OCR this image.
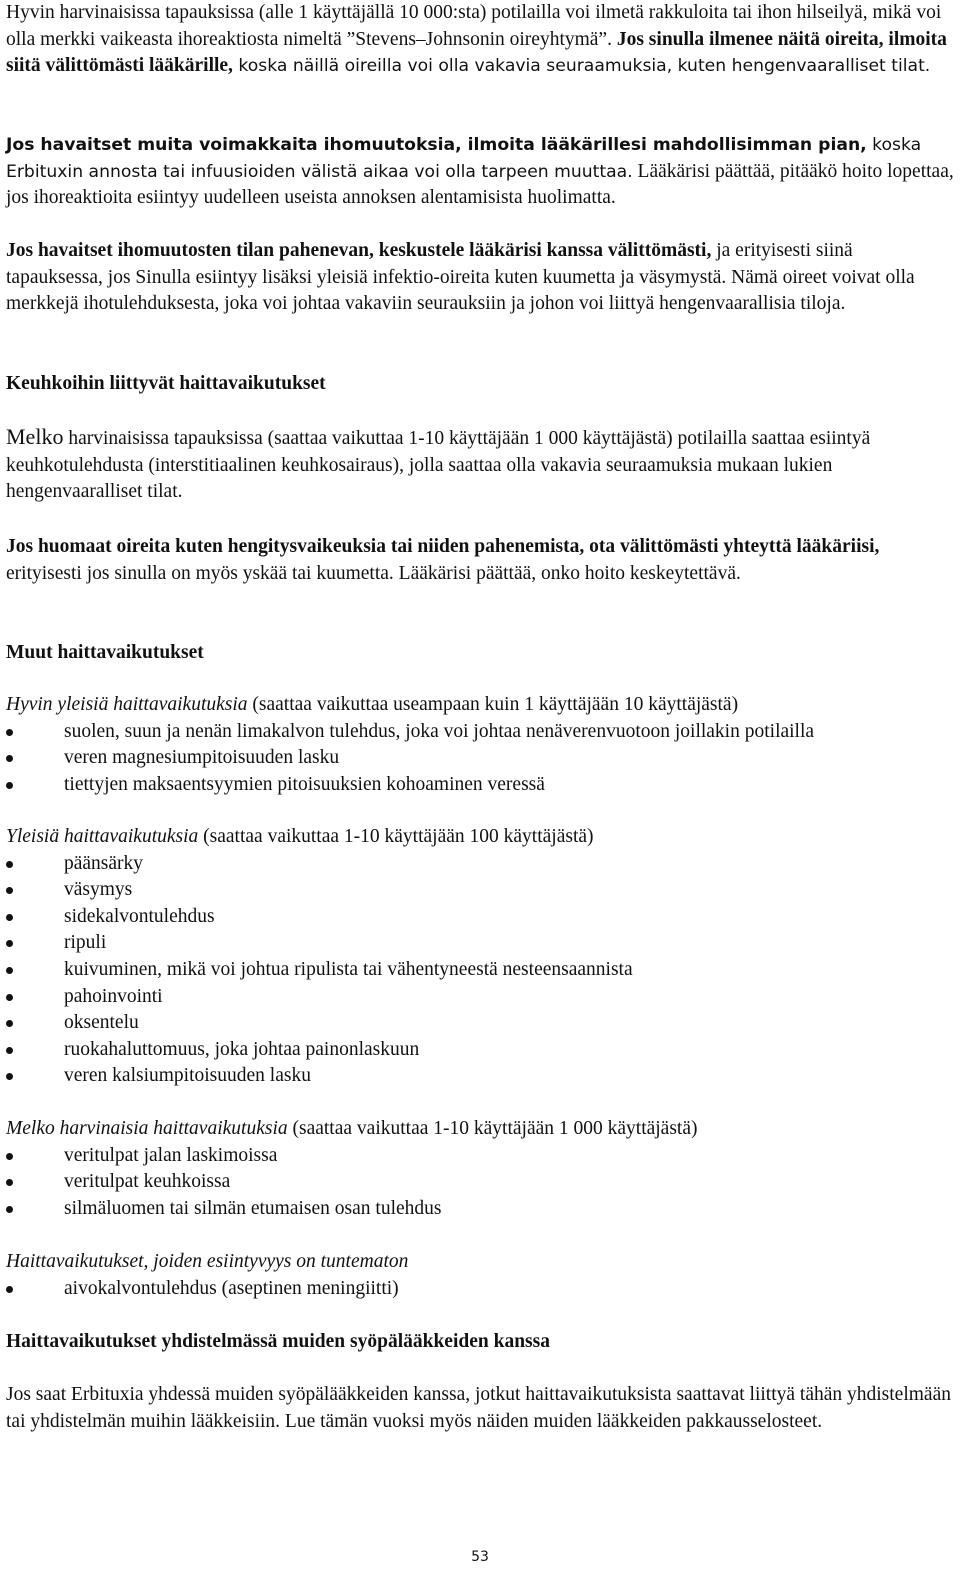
Hyvin harvinaisissa tapauksissa (alle 1 käyttäjällä 10 000:sta) potilailla voi ilmetä rakkuloita tai ihon hilseilyä, mikä voi olla merkki vaikeasta ihoreaktiosta nimeltä ”Stevens–Johnsonin oireyhtymä”. Jos sinulla ilmenee näitä oireita, ilmoita siitä välittömästi lääkärille, koska näillä oireilla voi olla vakavia seuraamuksia, kuten hengenvaaralliset tilat.

Jos havaitset muita voimakkaita ihomuutoksia, ilmoita lääkärillesi mahdollisimman pian, koska Erbituxin annosta tai infuusioiden välistä aikaa voi olla tarpeen muuttaa. Lääkärisi päättää, pitääkö hoito lopettaa, jos ihoreaktioita esiintyy uudelleen useista annoksen alentamisista huolimatta.

Jos havaitset ihomuutosten tilan pahenevan, keskustele lääkärisi kanssa välittömästi, ja erityisesti siinä tapauksessa, jos Sinulla esiintyy lisäksi yleisiä infektio-oireita kuten kuumetta ja väsymystä. Nämä oireet voivat olla merkkejä ihotulehduksesta, joka voi johtaa vakaviin seurauksiin ja johon voi liittyä hengenvaarallisia tiloja.

Keuhkoihin liittyvät haittavaikutukset

Melko harvinaisissa tapauksissa (saattaa vaikuttaa 1-10 käyttäjään 1 000 käyttäjästä) potilailla saattaa esiintyä keuhkotulehdusta (interstitiaalinen keuhkosairaus), jolla saattaa olla vakavia seuraamuksia mukaan lukien hengenvaaralliset tilat.

Jos huomaat oireita kuten hengitysvaikeuksia tai niiden pahenemista, ota välittömästi yhteyttä lääkäriisi, erityisesti jos sinulla on myös yskää tai kuumetta. Lääkärisi päättää, onko hoito keskeytettävä.

Muut haittavaikutukset

Hyvin yleisiä haittavaikutuksia (saattaa vaikuttaa useampaan kuin 1 käyttäjään 10 käyttäjästä)

suolen, suun ja nenän limakalvon tulehdus, joka voi johtaa nenäverenvuotoon joillakin potilailla
veren magnesiumpitoisuuden lasku
tiettyjen maksaentsyymien pitoisuuksien kohoaminen veressä

Yleisiä haittavaikutuksia (saattaa vaikuttaa 1-10 käyttäjään 100 käyttäjästä)

päänsärky
väsymys
sidekalvontulehdus
ripuli
kuivuminen, mikä voi johtua ripulista tai vähentyneestä nesteensaannista
pahoinvointi
oksentelu
ruokahaluttomuus, joka johtaa painonlaskuun
veren kalsiumpitoisuuden lasku

Melko harvinaisia haittavaikutuksia (saattaa vaikuttaa 1-10 käyttäjään 1 000 käyttäjästä)

veritulpat jalan laskimoissa
veritulpat keuhkoissa
silmäluomen tai silmän etumaisen osan tulehdus

Haittavaikutukset, joiden esiintyvyys on tuntematon

aivokalvontulehdus (aseptinen meningiitti)

Haittavaikutukset yhdistelmässä muiden syöpälääkkeiden kanssa

Jos saat Erbituxia yhdessä muiden syöpälääkkeiden kanssa, jotkut haittavaikutuksista saattavat liittyä tähän yhdistelmään tai yhdistelmän muihin lääkkeisiin. Lue tämän vuoksi myös näiden muiden lääkkeiden pakkausselosteet.

53
